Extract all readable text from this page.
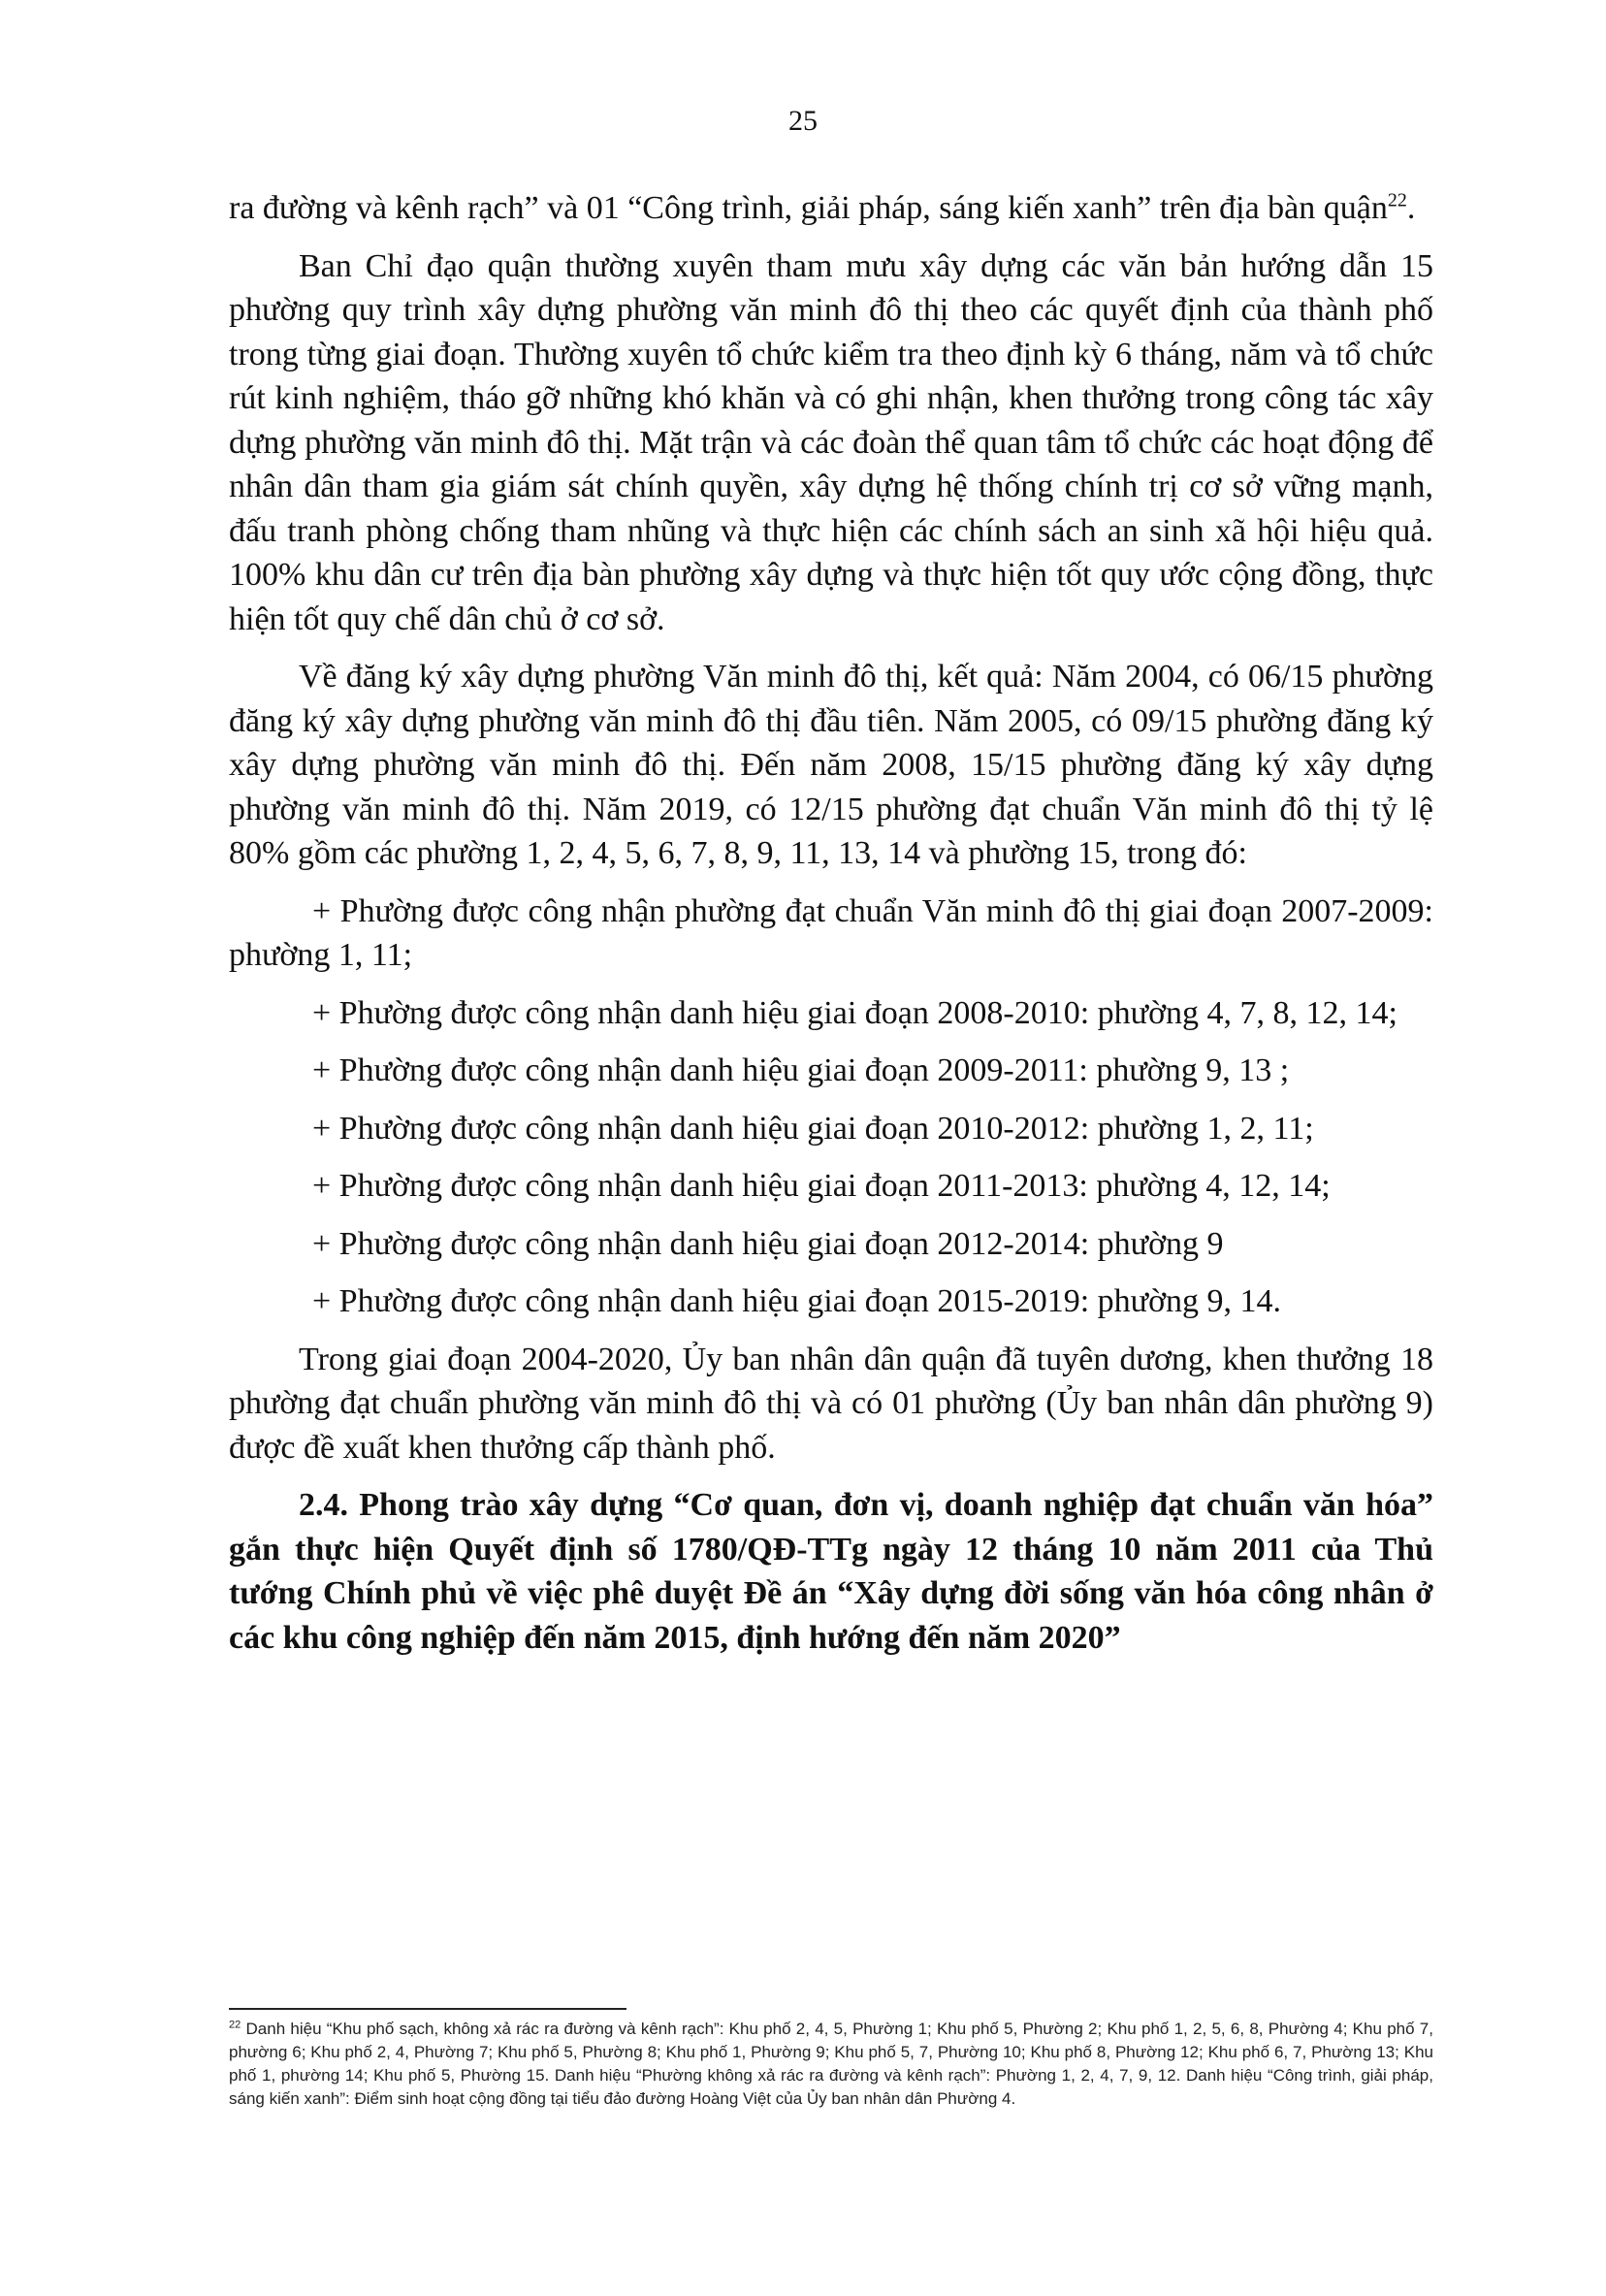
25

ra đường và kênh rạch” và 01 “Công trình, giải pháp, sáng kiến xanh” trên địa bàn quận$^{22}$.

Ban Chỉ đạo quận thường xuyên tham mưu xây dựng các văn bản hướng dẫn 15 phường quy trình xây dựng phường văn minh đô thị theo các quyết định của thành phố trong từng giai đoạn. Thường xuyên tổ chức kiểm tra theo định kỳ 6 tháng, năm và tổ chức rút kinh nghiệm, tháo gỡ những khó khăn và có ghi nhận, khen thưởng trong công tác xây dựng phường văn minh đô thị. Mặt trận và các đoàn thể quan tâm tổ chức các hoạt động để nhân dân tham gia giám sát chính quyền, xây dựng hệ thống chính trị cơ sở vững mạnh, đấu tranh phòng chống tham nhũng và thực hiện các chính sách an sinh xã hội hiệu quả. 100% khu dân cư trên địa bàn phường xây dựng và thực hiện tốt quy ước cộng đồng, thực hiện tốt quy chế dân chủ ở cơ sở.

Về đăng ký xây dựng phường Văn minh đô thị, kết quả: Năm 2004, có 06/15 phường đăng ký xây dựng phường văn minh đô thị đầu tiên. Năm 2005, có 09/15 phường đăng ký xây dựng phường văn minh đô thị. Đến năm 2008, 15/15 phường đăng ký xây dựng phường văn minh đô thị. Năm 2019, có 12/15 phường đạt chuẩn Văn minh đô thị tỷ lệ 80% gồm các phường 1, 2, 4, 5, 6, 7, 8, 9, 11, 13, 14 và phường 15, trong đó:

+ Phường được công nhận phường đạt chuẩn Văn minh đô thị giai đoạn 2007-2009: phường 1, 11;

+ Phường được công nhận danh hiệu giai đoạn 2008-2010: phường 4, 7, 8, 12, 14;

+ Phường được công nhận danh hiệu giai đoạn 2009-2011: phường 9, 13 ;

+ Phường được công nhận danh hiệu giai đoạn 2010-2012: phường 1, 2, 11;

+ Phường được công nhận danh hiệu giai đoạn 2011-2013: phường 4, 12, 14;

+ Phường được công nhận danh hiệu giai đoạn 2012-2014: phường 9

+ Phường được công nhận danh hiệu giai đoạn 2015-2019: phường 9, 14.

Trong giai đoạn 2004-2020, Ủy ban nhân dân quận đã tuyên dương, khen thưởng 18 phường đạt chuẩn phường văn minh đô thị và có 01 phường (Ủy ban nhân dân phường 9) được đề xuất khen thưởng cấp thành phố.

2.4. Phong trào xây dựng “Cơ quan, đơn vị, doanh nghiệp đạt chuẩn văn hóa” gắn thực hiện Quyết định số 1780/QĐ-TTg ngày 12 tháng 10 năm 2011 của Thủ tướng Chính phủ về việc phê duyệt Đề án “Xây dựng đời sống văn hóa công nhân ở các khu công nghiệp đến năm 2015, định hướng đến năm 2020”

$^{22}$ Danh hiệu “Khu phố sạch, không xả rác ra đường và kênh rạch”: Khu phố 2, 4, 5, Phường 1; Khu phố 5, Phường 2; Khu phố 1, 2, 5, 6, 8, Phường 4; Khu phố 7, phường 6; Khu phố 2, 4, Phường 7; Khu phố 5, Phường 8; Khu phố 1, Phường 9; Khu phố 5, 7, Phường 10; Khu phố 8, Phường 12; Khu phố 6, 7, Phường 13; Khu phố 1, phường 14; Khu phố 5, Phường 15. Danh hiệu “Phường không xả rác ra đường và kênh rạch”: Phường 1, 2, 4, 7, 9, 12. Danh hiệu “Công trình, giải pháp, sáng kiến xanh”: Điểm sinh hoạt cộng đồng tại tiểu đảo đường Hoàng Việt của Ủy ban nhân dân Phường 4.
